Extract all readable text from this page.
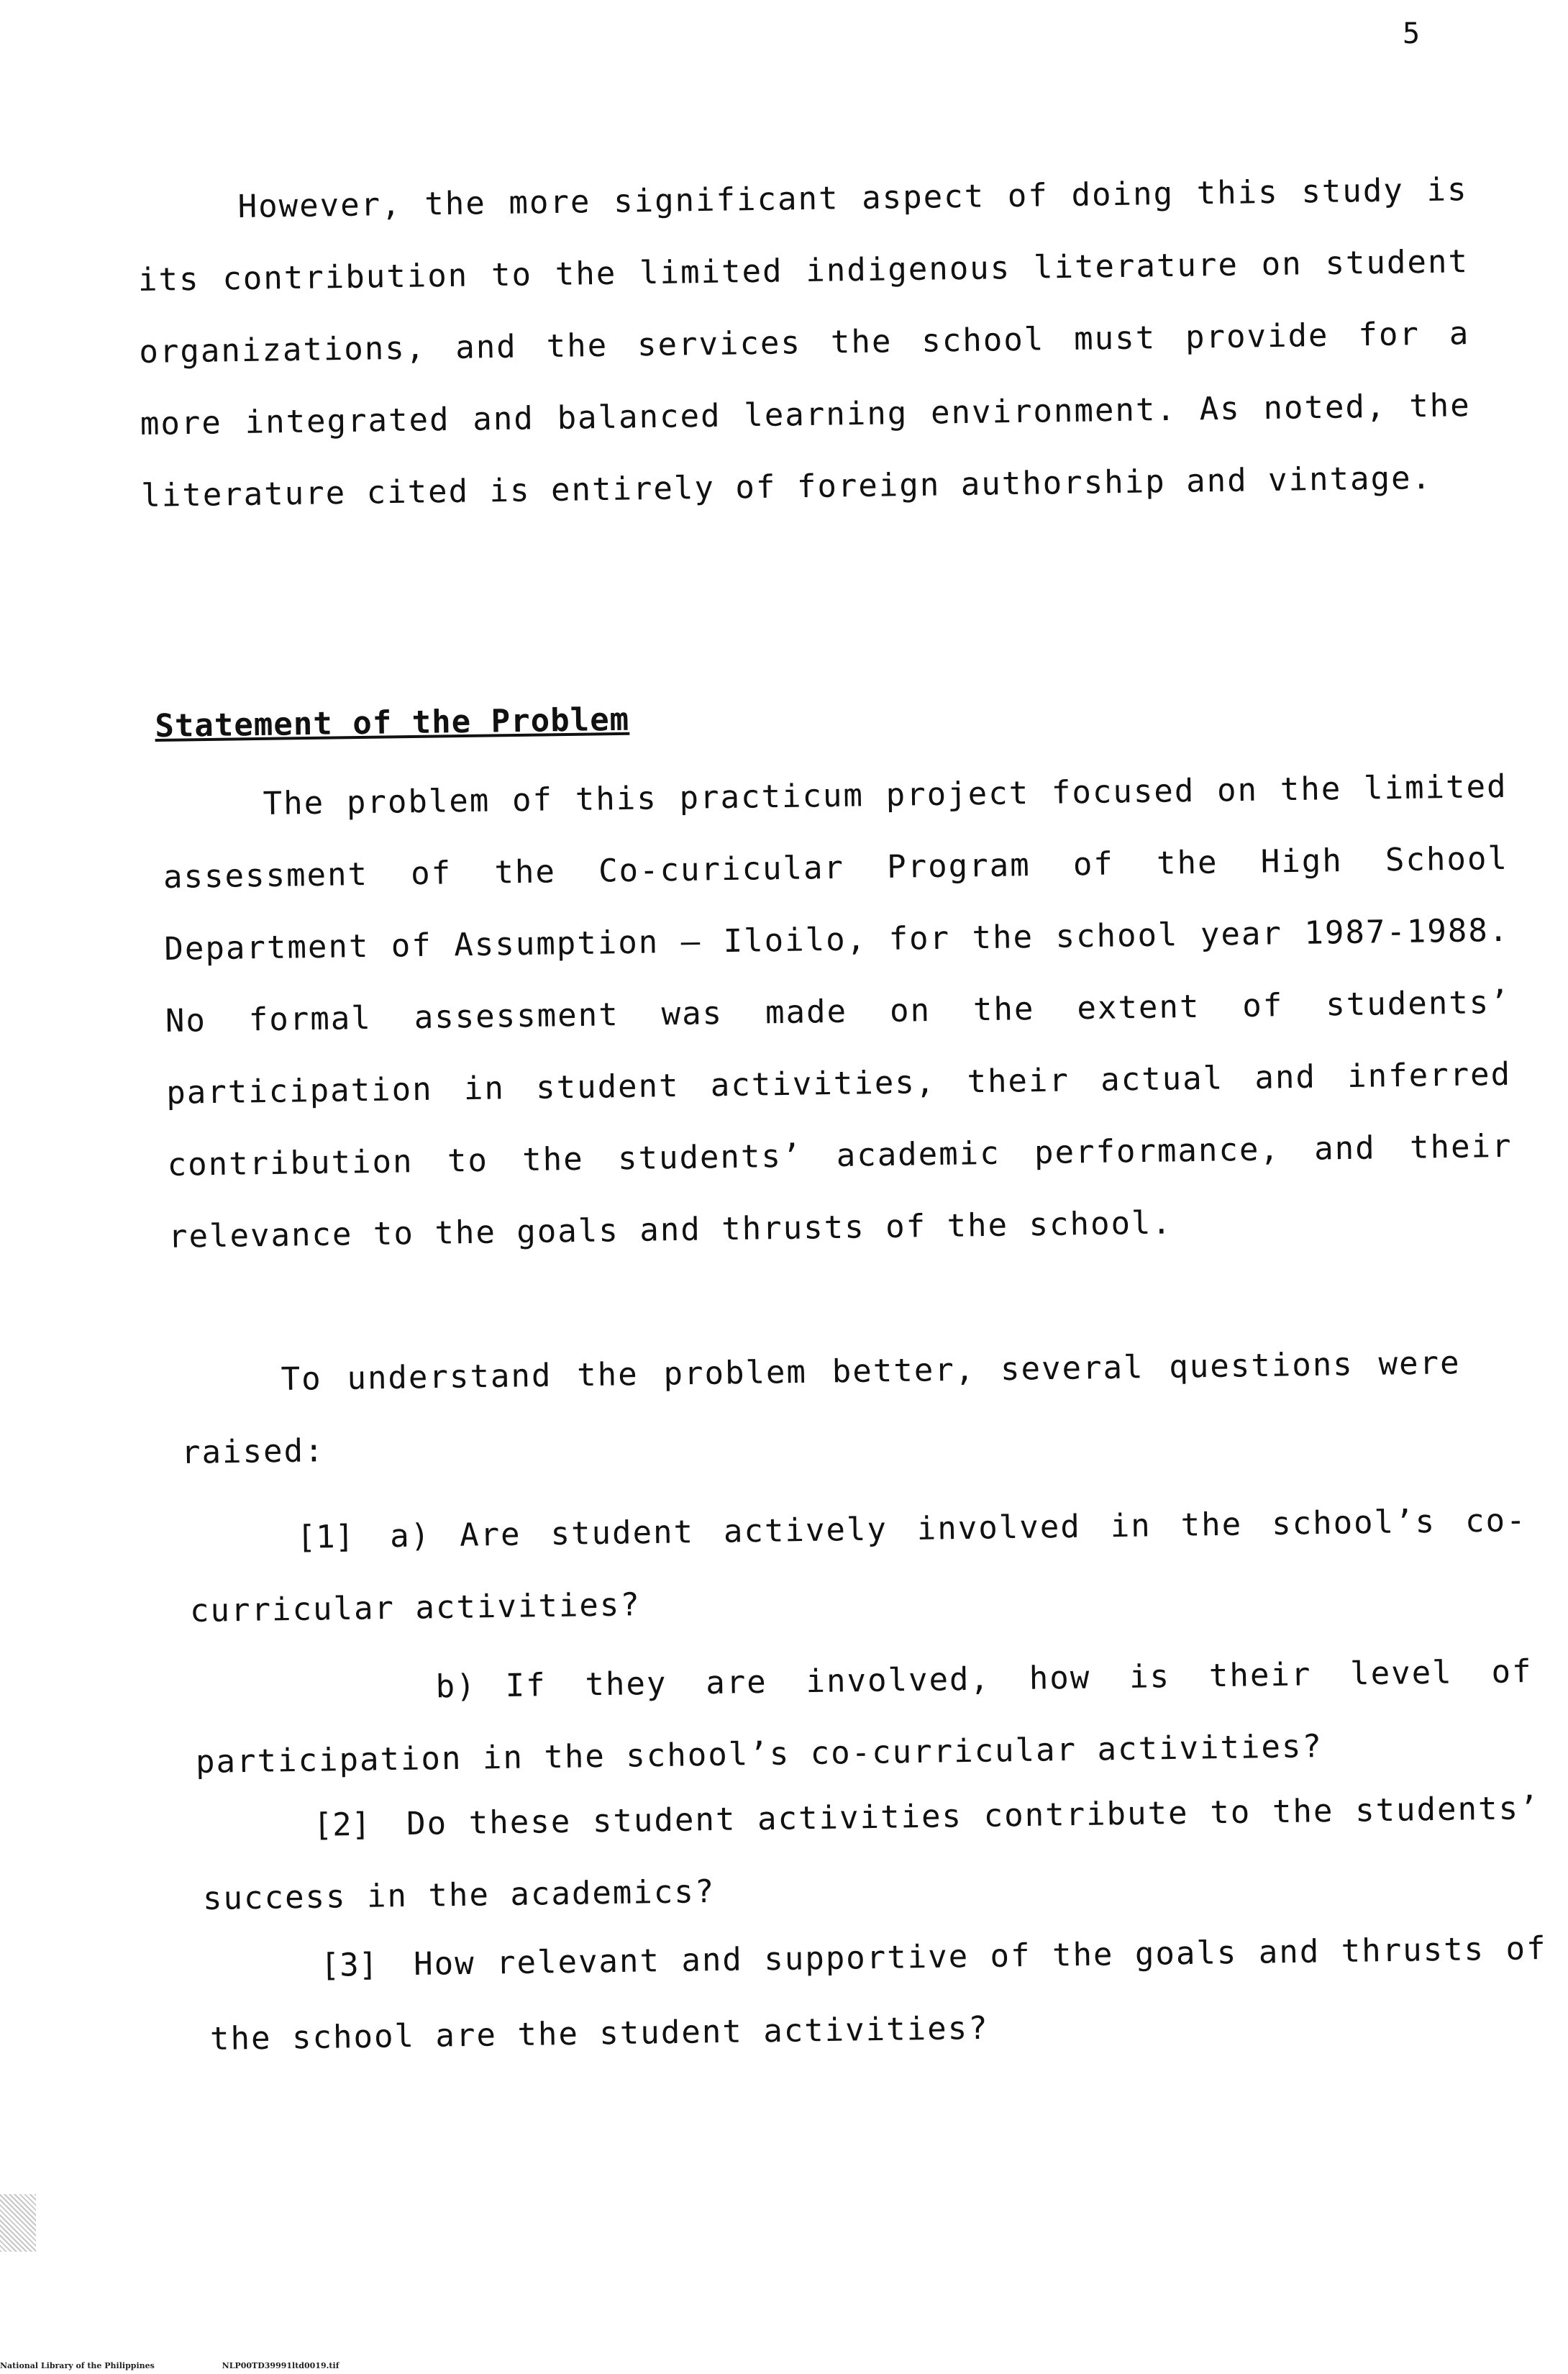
5

However, the more significant aspect of doing this study is its contribution to the limited indigenous literature on student organizations, and the services the school must provide for a more integrated and balanced learning environment. As noted, the literature cited is entirely of foreign authorship and vintage.

Statement of the Problem

The problem of this practicum project focused on the limited assessment of the Co-curicular Program of the High School Department of Assumption – Iloilo, for the school year 1987-1988. No formal assessment was made on the extent of students’ participation in student activities, their actual and inferred contribution to the students’ academic performance, and their relevance to the goals and thrusts of the school.

To understand the problem better, several questions were raised:

[1] a) Are student actively involved in the school’s co-curricular activities?

b) If they are involved, how is their level of participation in the school’s co-curricular activities?

[2] Do these student activities contribute to the students’ success in the academics?

[3] How relevant and supportive of the goals and thrusts of the school are the student activities?

National Library of the Philippines	NLP00TD39991ltd0019.tif
